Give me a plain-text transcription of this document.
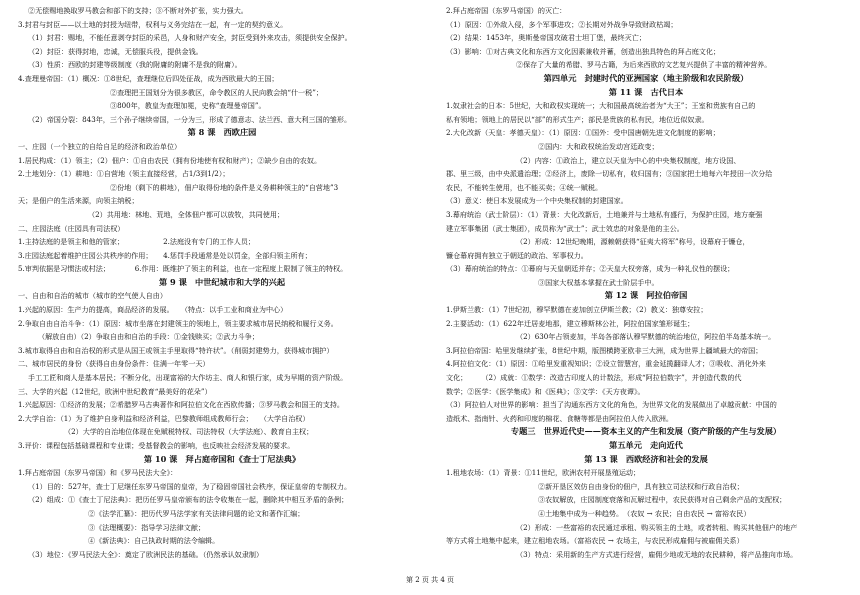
②无偿赐地换取罗马教会和部下的支持；③不断对外扩张，实力强大。
3.封君与封臣——以土地的封授为纽带，权利与义务完结在一起，有一定的契约意义。
（1）封君：赐地，不能任意剥夺封臣的采邑，人身和财产安全，封臣受到外来攻击，须提供安全保护。
（2）封臣：获得封地，忠诚，无偿服兵役，提供金钱。
（3）性质：西欧的封建等级制度（我的附庸的附庸不是我的附庸）。
4.查理曼帝国：（1）概况：①8世纪，查理继位后四处征战，成为西欧最大的王国；
②查理把王国划分为很多教区，命令教区的人民向教会纳“什一税”；
③800年，教皇为查理加冕，史称“查理曼帝国”。
（2）帝国分裂：843年，三个孙子继续帝国，一分为三，形成了德意志、法兰西、意大利三国的雏形。
第 8 课　西欧庄园
一、庄园（一个独立的自给自足的经济和政治单位）
1.居民构成：（1）领主；（2）佃户：①自由农民（拥有份地使有权和财产）；②缺少自由的农奴。
2.土地划分：（1）耕地：①自营地（领主直接经营，占1/3到1/2）；
②份地（剩下的耕地），佃户取得份地的条件是义务耕种领主的“自营地”3
天；是佃户的生活来源，向领主纳税；
（2）共用地：林地、荒地，全体佃户都可以放牧，共同使用；
二、庄园法庭（庄园具有司法权）
1.主持法庭的是领主和他的管家；　　　　　　2.法庭没有专门的工作人员；
3.庄园法庭起着维护庄园公共秩序的作用；　　4.惩罚手段通常是处以罚金，全部归领主所有；
5.审判依据是习惯法或村法；　　　　6.作用：既维护了领主的利益，也在一定程度上限制了领主的特权。
第 9 课　中世纪城市和大学的兴起
一、自由和自治的城市（城市的空气使人自由）
1.兴起的原因：生产力的提高，商品经济的发展。　　（特点：以手工业和商业为中心）
2.争取自由自治斗争：（1）原因：城市坐落在封建领主的领地上，领主要求城市居民纳税和履行义务。
（解放自由）（2）争取自由和自治的手段：①金钱赎买；②武力斗争；
3.城市取得自由和自治权的形式是从国王或领主手里取得“特许状”。（削弱封建势力，获得城市拥护）
二、城市居民的身份（获得自由身份条件：住满一年零一天）
手工工匠和商人是基本居民；不断分化，出现富裕的大作坊主、商人和银行家，成为早期的资产阶级。
三、大学的兴起（12世纪，欧洲中世纪教育“最美好的花朵”）
1.兴起原因：①经济的发展；②希腊罗马古典著作和阿拉伯文化在西欧传播；③罗马教会和国王的支持。
2.大学自治：（1）为了维护自身利益和经济利益，巴黎教师组成教师行会；　　（大学自治权）
（2）大学的自治地位体现在免赋税特权、司法特权（大学法庭）、教育自主权；
3.评价：课程包括基础课程和专业课；受基督教会的影响，也反映社会经济发展的要求。
第 10 课　拜占庭帝国和《查士丁尼法典》
1.拜占庭帝国（东罗马帝国）和《罗马民法大全》：
（1）目的：527年，查士丁尼继任东罗马帝国的皇帝，为了稳固帝国社会秩序，保证皇帝的专制权力。
（2）组成：①《查士丁尼法典》：把历任罗马皇帝颁布的法令收集在一起，删除其中相互矛盾的条例；
②《法学汇纂》：把历代罗马法学家有关法律问题的论文和著作汇编；
③《法理概要》：指导学习法律文献；
④《新法典》：自己执政时期的法令编辑。
（3）地位：《罗马民法大全》：奠定了欧洲民法的基础。（仍然承认奴隶制）
2.拜占庭帝国（东罗马帝国）的灭亡：
（1）原因：①外敌入侵，多个军事进攻；②长期对外战争导致财政枯竭；
（2）结果：1453年，奥斯曼帝国攻破君士坦丁堡，最终灭亡；
（3）影响：①对古典文化和东西方文化因素兼收并蓄，创造出独具特色的拜占庭文化；
②保存了大量的希腊、罗马古籍，为后来西欧的文艺复兴提供了丰富的精神营养。
第四单元　封建时代的亚洲国家（地主阶级和农民阶级）
第 11 课　古代日本
1.奴隶社会的日本：5世纪，大和政权实现统一；大和国最高统治者为“大王”；王室和贵族有自己的
私有领地；领地上的居民以“部”的形式生产；部民是贵族的私有民，地位近似奴隶。
2.大化改新（天皇：孝德天皇）：（1）原因：①国外：受中国唐朝先进文化制度的影响；
②国内：大和政权统治发动宫廷政变；
（2）内容：①政治上，建立以天皇为中心的中央集权制度，地方设国、
郡、里三级，由中央派遣治理；②经济上，废除一切私有，收归国有；③国家把土地每六年授田一次分给
农民，不能转生使用，也不能买卖；④统一赋税。
（3）意义：使日本发展成为一个中央集权制的封建国家。
3.幕府统治（武士阶层）：（1）背景：大化改新后，土地兼并与土地私有盛行，为保护庄园，地方豪强
建立军事集团（武士集团），成员称为“武士”；武士效忠的对象是他的主公。
（2）形成：12世纪晚期，源赖朝获得“征夷大将军”称号，设幕府于镰仓，
镰仓幕府拥有独立于朝廷的政治、军事权力。
（3）幕府统治的特点：①幕府与天皇朝廷并存；②天皇大权旁落，成为一种礼仪性的摆设；
③国家大权基本掌握在武士阶层手中。
第 12 课　阿拉伯帝国
1.伊斯兰教：（1）7世纪初，穆罕默德在麦加创立伊斯兰教；（2）教义：独尊安拉；
2.主要活动：（1）622年迁居麦地那，建立穆斯林公社，阿拉伯国家雏形诞生；
（2）630年占领麦加，半岛各部落认穆罕默德的统治地位，阿拉伯半岛基本统一。
3.阿拉伯帝国：哈里发继续扩张，8世纪中期，版图横跨亚欧非三大洲，成为世界上疆域最大的帝国；
4.阿拉伯文化：（1）原因：①哈里发重视知识；②设立智慧宫，重金延揽翻译人才；③吸收、消化外来
文化；　　　（2）成就：①数学：改造古印度人的计数法，形成“阿拉伯数字”，并创造代数的代
数学；②医学：《医学集成》和《医典》；③文学：《天方夜谭》。
（3）阿拉伯人对世界的影响：担当了沟通东西方文化的角色，为世界文化的发展做出了卓越贡献：中国的
造纸术、指南针、火药和印度的棉花、食糖等都是由阿拉伯人传入欧洲。
专题三　世界近代史——资本主义的产生和发展（资产阶级的产生与发展）
第五单元　走向近代
第 13 课　西欧经济和社会的发展
1.租地农场：（1）背景：①11世纪，欧洲农村开展垦殖运动；
②新开垦区效仿自由身份的佃户，具有独立司法权和行政自治权；
③农奴解放，庄园制度衰落和瓦解过程中，农民获得对自己剩余产品的支配权；
④土地集中成为一种趋势。　（农奴 → 农民；自由农民 → 富裕农民）
（2）形成：一些富裕的农民通过承租、购买领主的土地，或者转租、购买其他佃户的地产
等方式将土地集中起来，建立租地农场。（富裕农民 → 农场主，与农民形成雇佣与被雇佣关系）
（3）特点：采用新的生产方式进行经营，雇佣少地或无地的农民耕种，将产品推向市场。
第 2 页 共 4 页
